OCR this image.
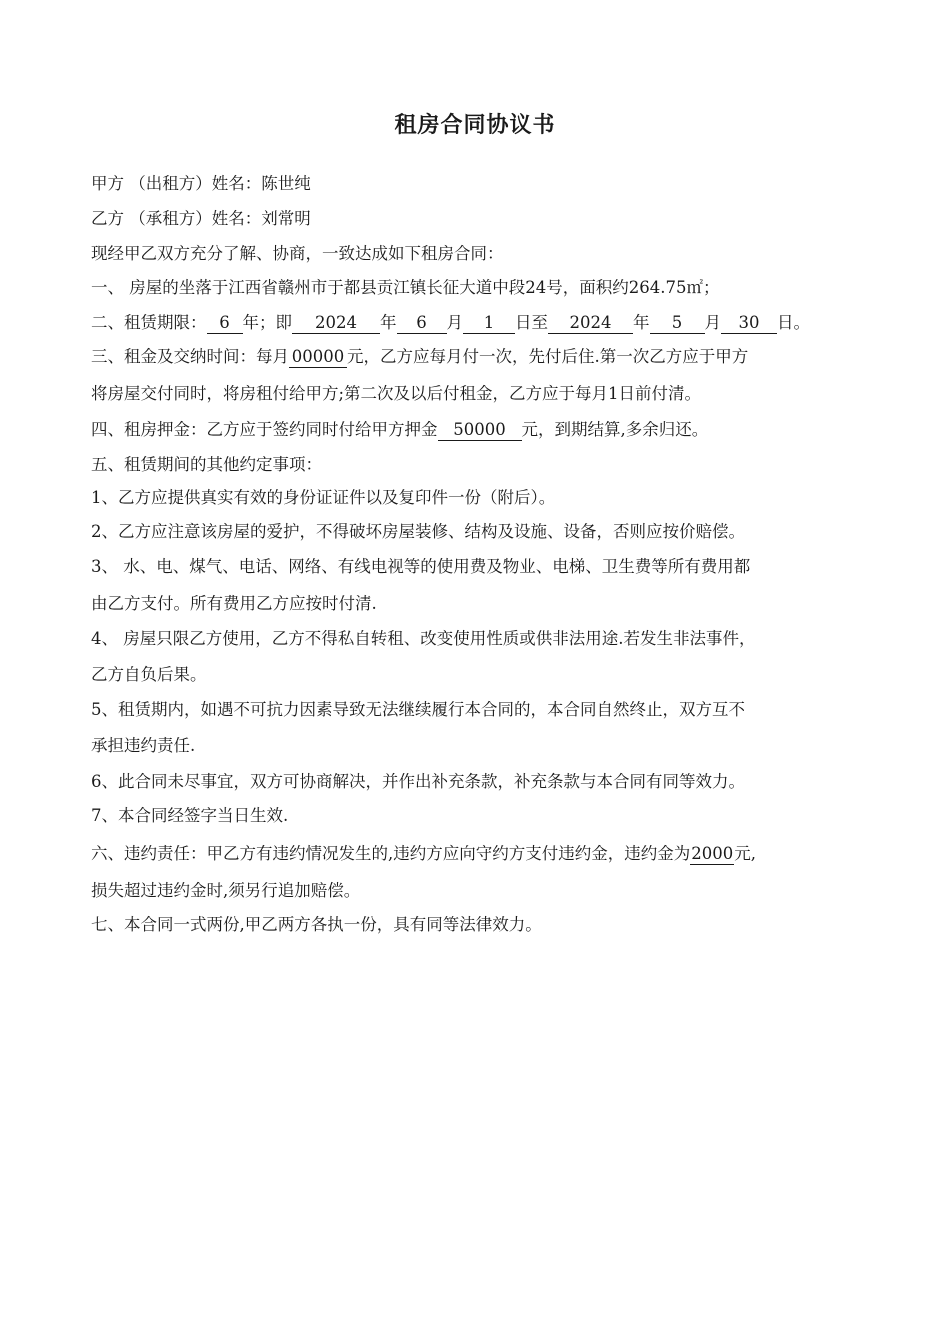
租房合同协议书
甲方 （出租方）姓名：陈世纯
乙方 （承租方）姓名：刘常明
现经甲乙双方充分了解、协商，一致达成如下租房合同：
一、 房屋的坐落于江西省赣州市于都县贡江镇长征大道中段24号，面积约264.75㎡；
二、租赁期限： 6 年；即 2024 年 6 月 1 日至 2024 年 5 月 30 日。
三、租金及交纳时间：每月 00000 元，乙方应每月付一次，先付后住.第一次乙方应于甲方
将房屋交付同时，将房租付给甲方;第二次及以后付租金，乙方应于每月1日前付清。
四、租房押金：乙方应于签约同时付给甲方押金 50000 元，到期结算,多余归还。
五、租赁期间的其他约定事项：
1、乙方应提供真实有效的身份证证件以及复印件一份（附后）。
2、乙方应注意该房屋的爱护，不得破坏房屋装修、结构及设施、设备，否则应按价赔偿。
3、 水、电、煤气、电话、网络、有线电视等的使用费及物业、电梯、卫生费等所有费用都
由乙方支付。所有费用乙方应按时付清.
4、 房屋只限乙方使用，乙方不得私自转租、改变使用性质或供非法用途.若发生非法事件，
乙方自负后果。
5、租赁期内，如遇不可抗力因素导致无法继续履行本合同的，本合同自然终止，双方互不
承担违约责任.
6、此合同未尽事宜，双方可协商解决，并作出补充条款，补充条款与本合同有同等效力。
7、本合同经签字当日生效.
六、违约责任：甲乙方有违约情况发生的,违约方应向守约方支付违约金，违约金为2000元,
损失超过违约金时,须另行追加赔偿。
七、本合同一式两份,甲乙两方各执一份，具有同等法律效力。
